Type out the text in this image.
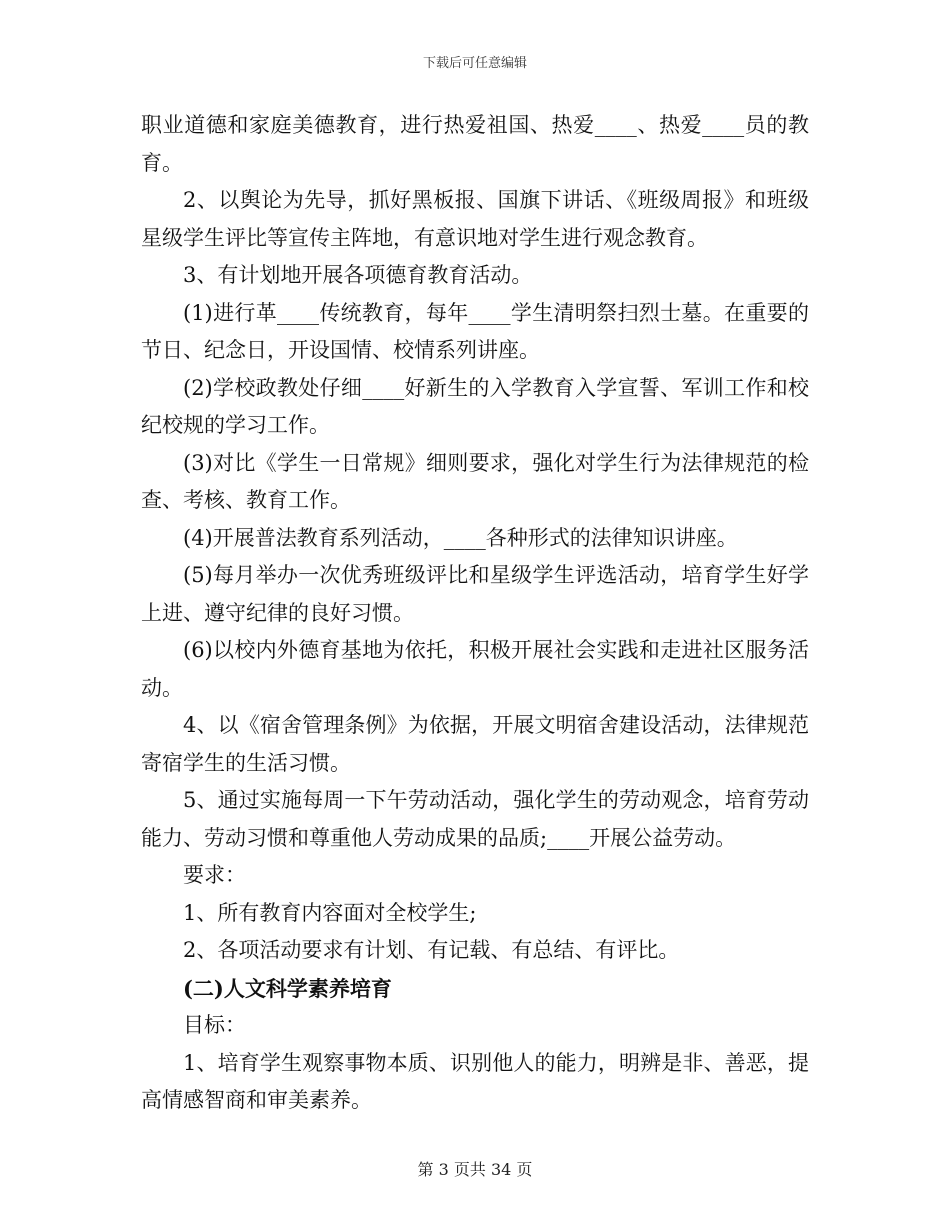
下载后可任意编辑

职业道德和家庭美德教育，进行热爱祖国、热爱____、热爱____员的教育。

2、以舆论为先导，抓好黑板报、国旗下讲话、《班级周报》和班级星级学生评比等宣传主阵地，有意识地对学生进行观念教育。

3、有计划地开展各项德育教育活动。

(1)进行革____传统教育，每年____学生清明祭扫烈士墓。在重要的节日、纪念日，开设国情、校情系列讲座。

(2)学校政教处仔细____好新生的入学教育入学宣誓、军训工作和校纪校规的学习工作。

(3)对比《学生一日常规》细则要求，强化对学生行为法律规范的检查、考核、教育工作。

(4)开展普法教育系列活动，____各种形式的法律知识讲座。

(5)每月举办一次优秀班级评比和星级学生评选活动，培育学生好学上进、遵守纪律的良好习惯。

(6)以校内外德育基地为依托，积极开展社会实践和走进社区服务活动。

4、以《宿舍管理条例》为依据，开展文明宿舍建设活动，法律规范寄宿学生的生活习惯。

5、通过实施每周一下午劳动活动，强化学生的劳动观念，培育劳动能力、劳动习惯和尊重他人劳动成果的品质;____开展公益劳动。

要求：

1、所有教育内容面对全校学生;

2、各项活动要求有计划、有记载、有总结、有评比。

(二)人文科学素养培育

目标：

1、培育学生观察事物本质、识别他人的能力，明辨是非、善恶，提高情感智商和审美素养。

第 3 页共 34 页
